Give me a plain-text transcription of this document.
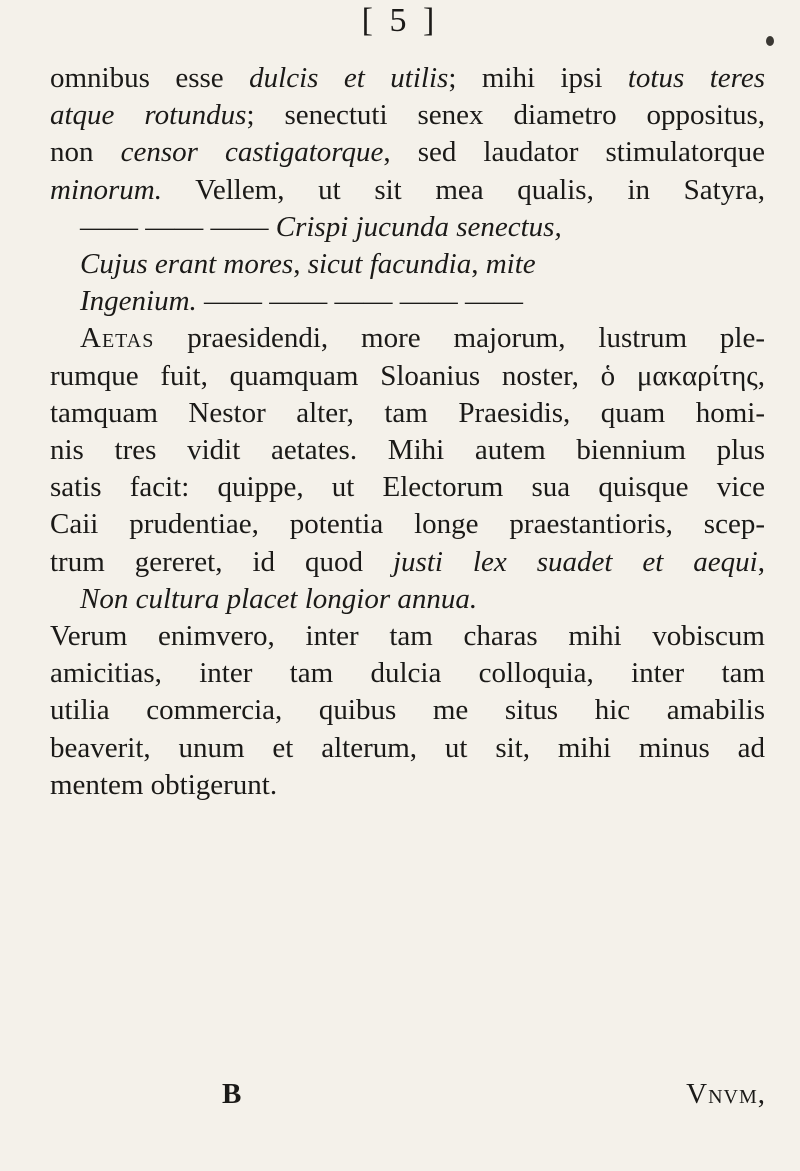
[ 5 ]
omnibus esse dulcis et utilis; mihi ipsi totus teres
atque rotundus; senectuti senex diametro oppositus,
non censor castigatorque, sed laudator stimulatorque
minorum. Vellem, ut sit mea qualis, in Satyra,
—— —— —— Crispi jucunda senectus,
Cujus erant mores, sicut facundia, mite
Ingenium. —— —— —— —— ——
Aetas praesidendi, more majorum, lustrum ple-
rumque fuit, quamquam Sloanius noster, ὁ μακαρίτης,
tamquam Nestor alter, tam Praesidis, quam homi-
nis tres vidit aetates. Mihi autem biennium plus
satis facit: quippe, ut Electorum sua quisque vice
Caii prudentiae, potentia longe praestantioris, scep-
trum gereret, id quod justi lex suadet et aequi,
Non cultura placet longior annua.
Verum enimvero, inter tam charas mihi vobiscum
amicitias, inter tam dulcia colloquia, inter tam
utilia commercia, quibus me situs hic amabilis
beaverit, unum et alterum, ut sit, mihi minus ad
mentem obtigerunt.
B	Vnvm,
